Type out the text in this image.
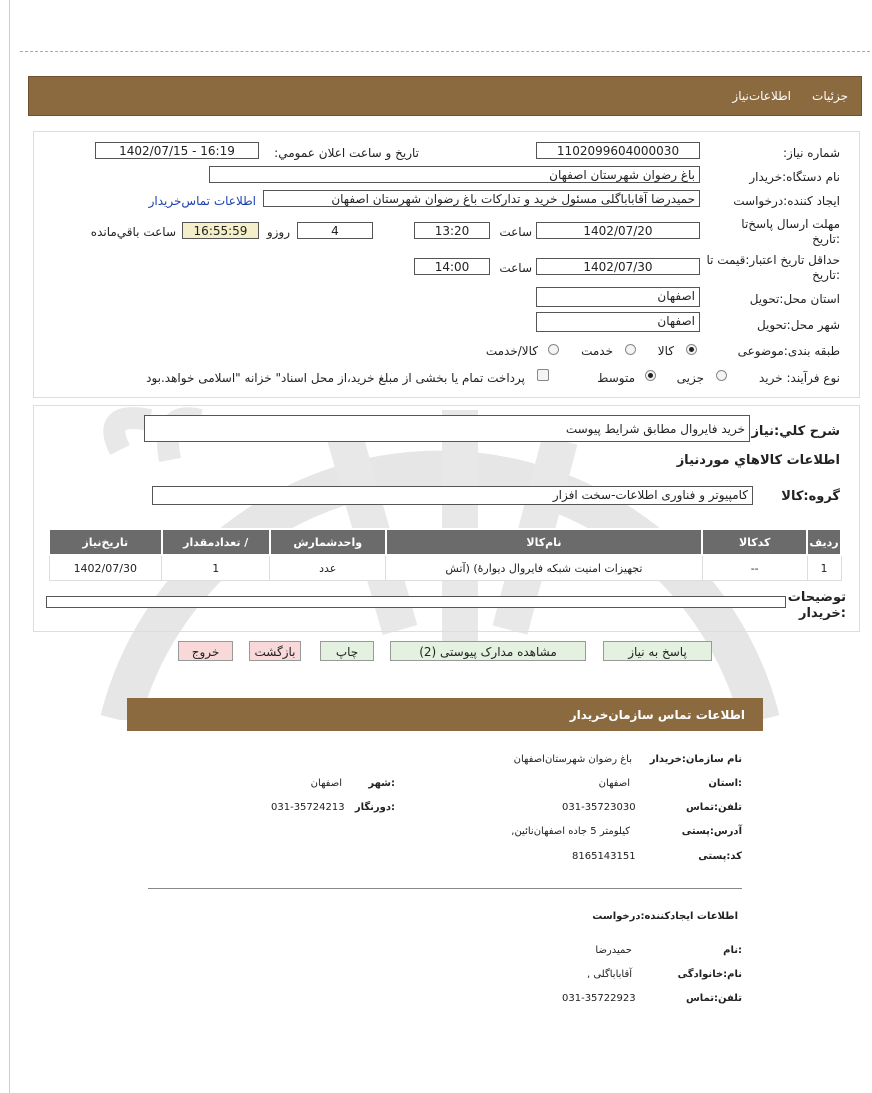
جزئيات
اطلاعات‌نیاز
شماره نیاز:
1102099604000030
تاریخ و ساعت اعلان عمومي:
1402/07/15 - 16:19
نام دستگاه:خریدار
باغ رضوان شهرستان اصفهان
ایجاد کننده:درخواست
حمیدرضا آقاباباگلی مسئول خرید و تدارکات باغ رضوان شهرستان اصفهان
اطلاعات تماس‌خریدار
مهلت ارسال پاسخ‌تا :تاریخ
1402/07/20
ساعت
13:20
4
روزو
16:55:59
ساعت باقي‌مانده
حداقل تاریخ اعتبار:قیمت تا :تاریخ
1402/07/30
ساعت
14:00
استان محل:تحویل
اصفهان
شهر محل:تحویل
اصفهان
طبقه بندی:موضوعی
کالا
خدمت
کالا/خدمت
نوع فرآیند: خرید
جزیی
متوسط
پرداخت تمام یا بخشی از مبلغ خرید،از محل اسناد" خزانه "اسلامی خواهد.بود
شرح کلي:نیاز
خرید فایروال مطابق شرایط پیوست
اطلاعات کالاهاي موردنیاز
گروه:کالا
کامپیوتر و فناوری اطلاعات-سخت افزار
ردیف	کدکالا	نام‌کالا	واحدشمارش	/ تعدادمقدار	تاریخ‌نیاز
1	--	تجهیزات امنیت شبکه فایروال دیوارۀ) (آتش	عدد	1	1402/07/30
توضیحات :خریدار
پاسخ به نیاز
مشاهده مدارک پیوستی (2)
چاپ
بازگشت
خروج
اطلاعات تماس سازمان‌خریدار
نام سازمان:خریدار
باغ رضوان شهرستان‌اصفهان
:استان
اصفهان
:شهر
اصفهان
تلفن:تماس
031-35723030
:دورنگار
031-35724213
آدرس:پستی
کیلومتر 5 جاده اصفهان‌نائین,
کد:پستی
8165143151
اطلاعات ایجادکننده:درخواست
:نام
حمیدرضا
نام:خانوادگی
آقاباباگلی ,
تلفن:تماس
031-35722923
